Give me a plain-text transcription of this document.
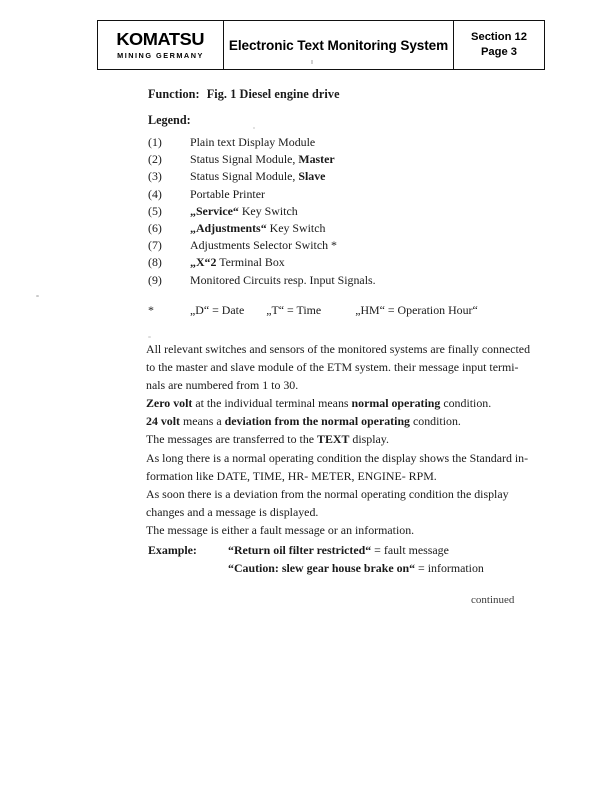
KOMATSU
MINING GERMANY
Electronic Text Monitoring System
Section 12
Page 3
Function: Fig. 1 Diesel engine drive
Legend:
(1)	Plain text Display Module
(2)	Status Signal Module, Master
(3)	Status Signal Module, Slave
(4)	Portable Printer
(5)	„Service“ Key Switch
(6)	„Adjustments“ Key Switch
(7)	Adjustments Selector Switch *
(8)	„X“2 Terminal Box
(9)	Monitored Circuits resp. Input Signals.
*	„D“ = Date „T“ = Time	„HM“ = Operation Hour“
All relevant switches and sensors of the monitored systems are finally connected
to the master and slave module of the ETM system. their message input termi-
nals are numbered from 1 to 30.
Zero volt at the individual terminal means normal operating condition.
24 volt means a deviation from the normal operating condition.
The messages are transferred to the TEXT display.
As long there is a normal operating condition the display shows the Standard in-
formation like DATE, TIME, HR- METER, ENGINE- RPM.
As soon there is a deviation from the normal operating condition the display
changes and a message is displayed.
The message is either a fault message or an information.
Example:	“Return oil filter restricted“ = fault message
“Caution: slew gear house brake on“ = information
continued
